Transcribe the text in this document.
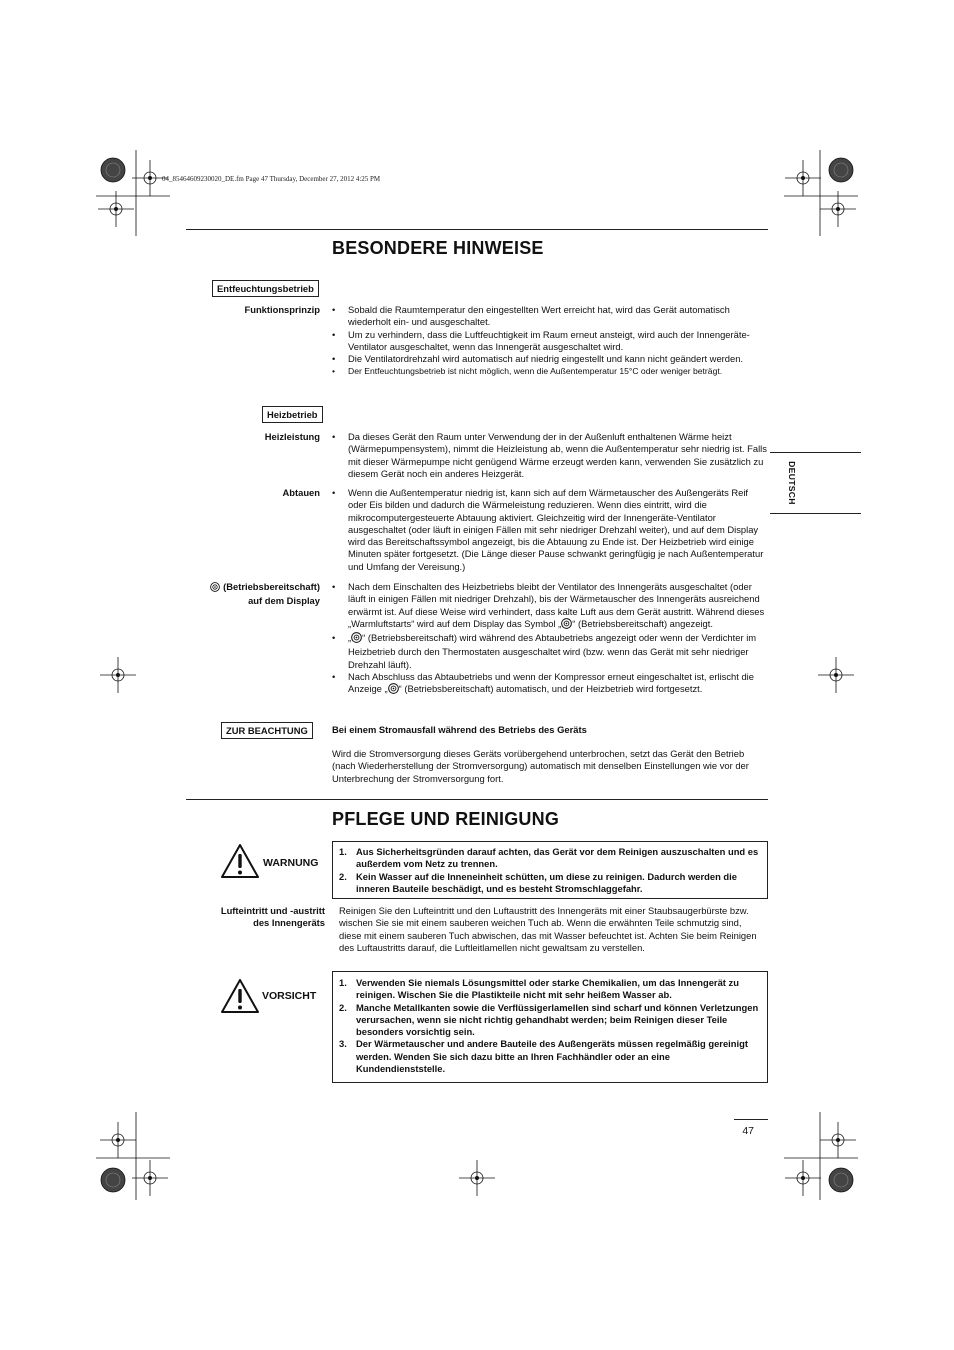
04_85464609230020_DE.fm Page 47 Thursday, December 27, 2012 4:25 PM
BESONDERE HINWEISE
Entfeuchtungsbetrieb
Funktionsprinzip	• Sobald die Raumtemperatur den eingestellten Wert erreicht hat, wird das Gerät automatisch wiederholt ein- und ausgeschaltet.
• Um zu verhindern, dass die Luftfeuchtigkeit im Raum erneut ansteigt, wird auch der Innengeräte-Ventilator ausgeschaltet, wenn das Innengerät ausgeschaltet wird.
• Die Ventilatordrehzahl wird automatisch auf niedrig eingestellt und kann nicht geändert werden.
• Der Entfeuchtungsbetrieb ist nicht möglich, wenn die Außentemperatur 15°C oder weniger beträgt.
Heizbetrieb
Heizleistung	• Da dieses Gerät den Raum unter Verwendung der in der Außenluft enthaltenen Wärme heizt (Wärmepumpensystem), nimmt die Heizleistung ab, wenn die Außentemperatur sehr niedrig ist. Falls mit dieser Wärmepumpe nicht genügend Wärme erzeugt werden kann, verwenden Sie zusätzlich zu diesem Gerät noch ein anderes Heizgerät.
Abtauen	• Wenn die Außentemperatur niedrig ist, kann sich auf dem Wärmetauscher des Außengeräts Reif oder Eis bilden und dadurch die Wärmeleistung reduzieren. Wenn dies eintritt, wird die mikrocomputergesteuerte Abtauung aktiviert. Gleichzeitig wird der Innengeräte-Ventilator ausgeschaltet (oder läuft in einigen Fällen mit sehr niedriger Drehzahl weiter), und auf dem Display wird das Bereitschaftssymbol angezeigt, bis die Abtauung zu Ende ist. Der Heizbetrieb wird einige Minuten später fortgesetzt. (Die Länge dieser Pause schwankt geringfügig je nach Außentemperatur und Umfang der Vereisung.)
(Betriebsbereitschaft)
auf dem Display
• Nach dem Einschalten des Heizbetriebs bleibt der Ventilator des Innengeräts ausgeschaltet (oder läuft in einigen Fällen mit niedriger Drehzahl), bis der Wärmetauscher des Innengeräts ausreichend erwärmt ist. Auf diese Weise wird verhindert, dass kalte Luft aus dem Gerät austritt. Während dieses „Warmluftstarts“ wird auf dem Display das Symbol „ “ (Betriebsbereitschaft) angezeigt.
• „ “ (Betriebsbereitschaft) wird während des Abtaubetriebs angezeigt oder wenn der Verdichter im Heizbetrieb durch den Thermostaten ausgeschaltet wird (bzw. wenn das Gerät mit sehr niedriger Drehzahl läuft).
• Nach Abschluss das Abtaubetriebs und wenn der Kompressor erneut eingeschaltet ist, erlischt die Anzeige „ “ (Betriebsbereitschaft) automatisch, und der Heizbetrieb wird fortgesetzt.
ZUR BEACHTUNG	Bei einem Stromausfall während des Betriebs des Geräts
Wird die Stromversorgung dieses Geräts vorübergehend unterbrochen, setzt das Gerät den Betrieb (nach Wiederherstellung der Stromversorgung) automatisch mit denselben Einstellungen wie vor der Unterbrechung der Stromversorgung fort.
PFLEGE UND REINIGUNG
WARNUNG
1. Aus Sicherheitsgründen darauf achten, das Gerät vor dem Reinigen auszuschalten und es außerdem vom Netz zu trennen.
2. Kein Wasser auf die Inneneinheit schütten, um diese zu reinigen. Dadurch werden die inneren Bauteile beschädigt, und es besteht Stromschlaggefahr.
Lufteintritt und -austritt
des Innengeräts
Reinigen Sie den Lufteintritt und den Luftaustritt des Innengeräts mit einer Staubsaugerbürste bzw. wischen Sie sie mit einem sauberen weichen Tuch ab. Wenn die erwähnten Teile schmutzig sind, diese mit einem sauberen Tuch abwischen, das mit Wasser befeuchtet ist. Achten Sie beim Reinigen des Luftaustritts darauf, die Luftleitlamellen nicht gewaltsam zu verstellen.
VORSICHT
1. Verwenden Sie niemals Lösungsmittel oder starke Chemikalien, um das Innengerät zu reinigen. Wischen Sie die Plastikteile nicht mit sehr heißem Wasser ab.
2. Manche Metallkanten sowie die Verflüssigerlamellen sind scharf und können Verletzungen verursachen, wenn sie nicht richtig gehandhabt werden; beim Reinigen dieser Teile besonders vorsichtig sein.
3. Der Wärmetauscher und andere Bauteile des Außengeräts müssen regelmäßig gereinigt werden. Wenden Sie sich dazu bitte an Ihren Fachhändler oder an eine Kundendienststelle.
DEUTSCH
47
